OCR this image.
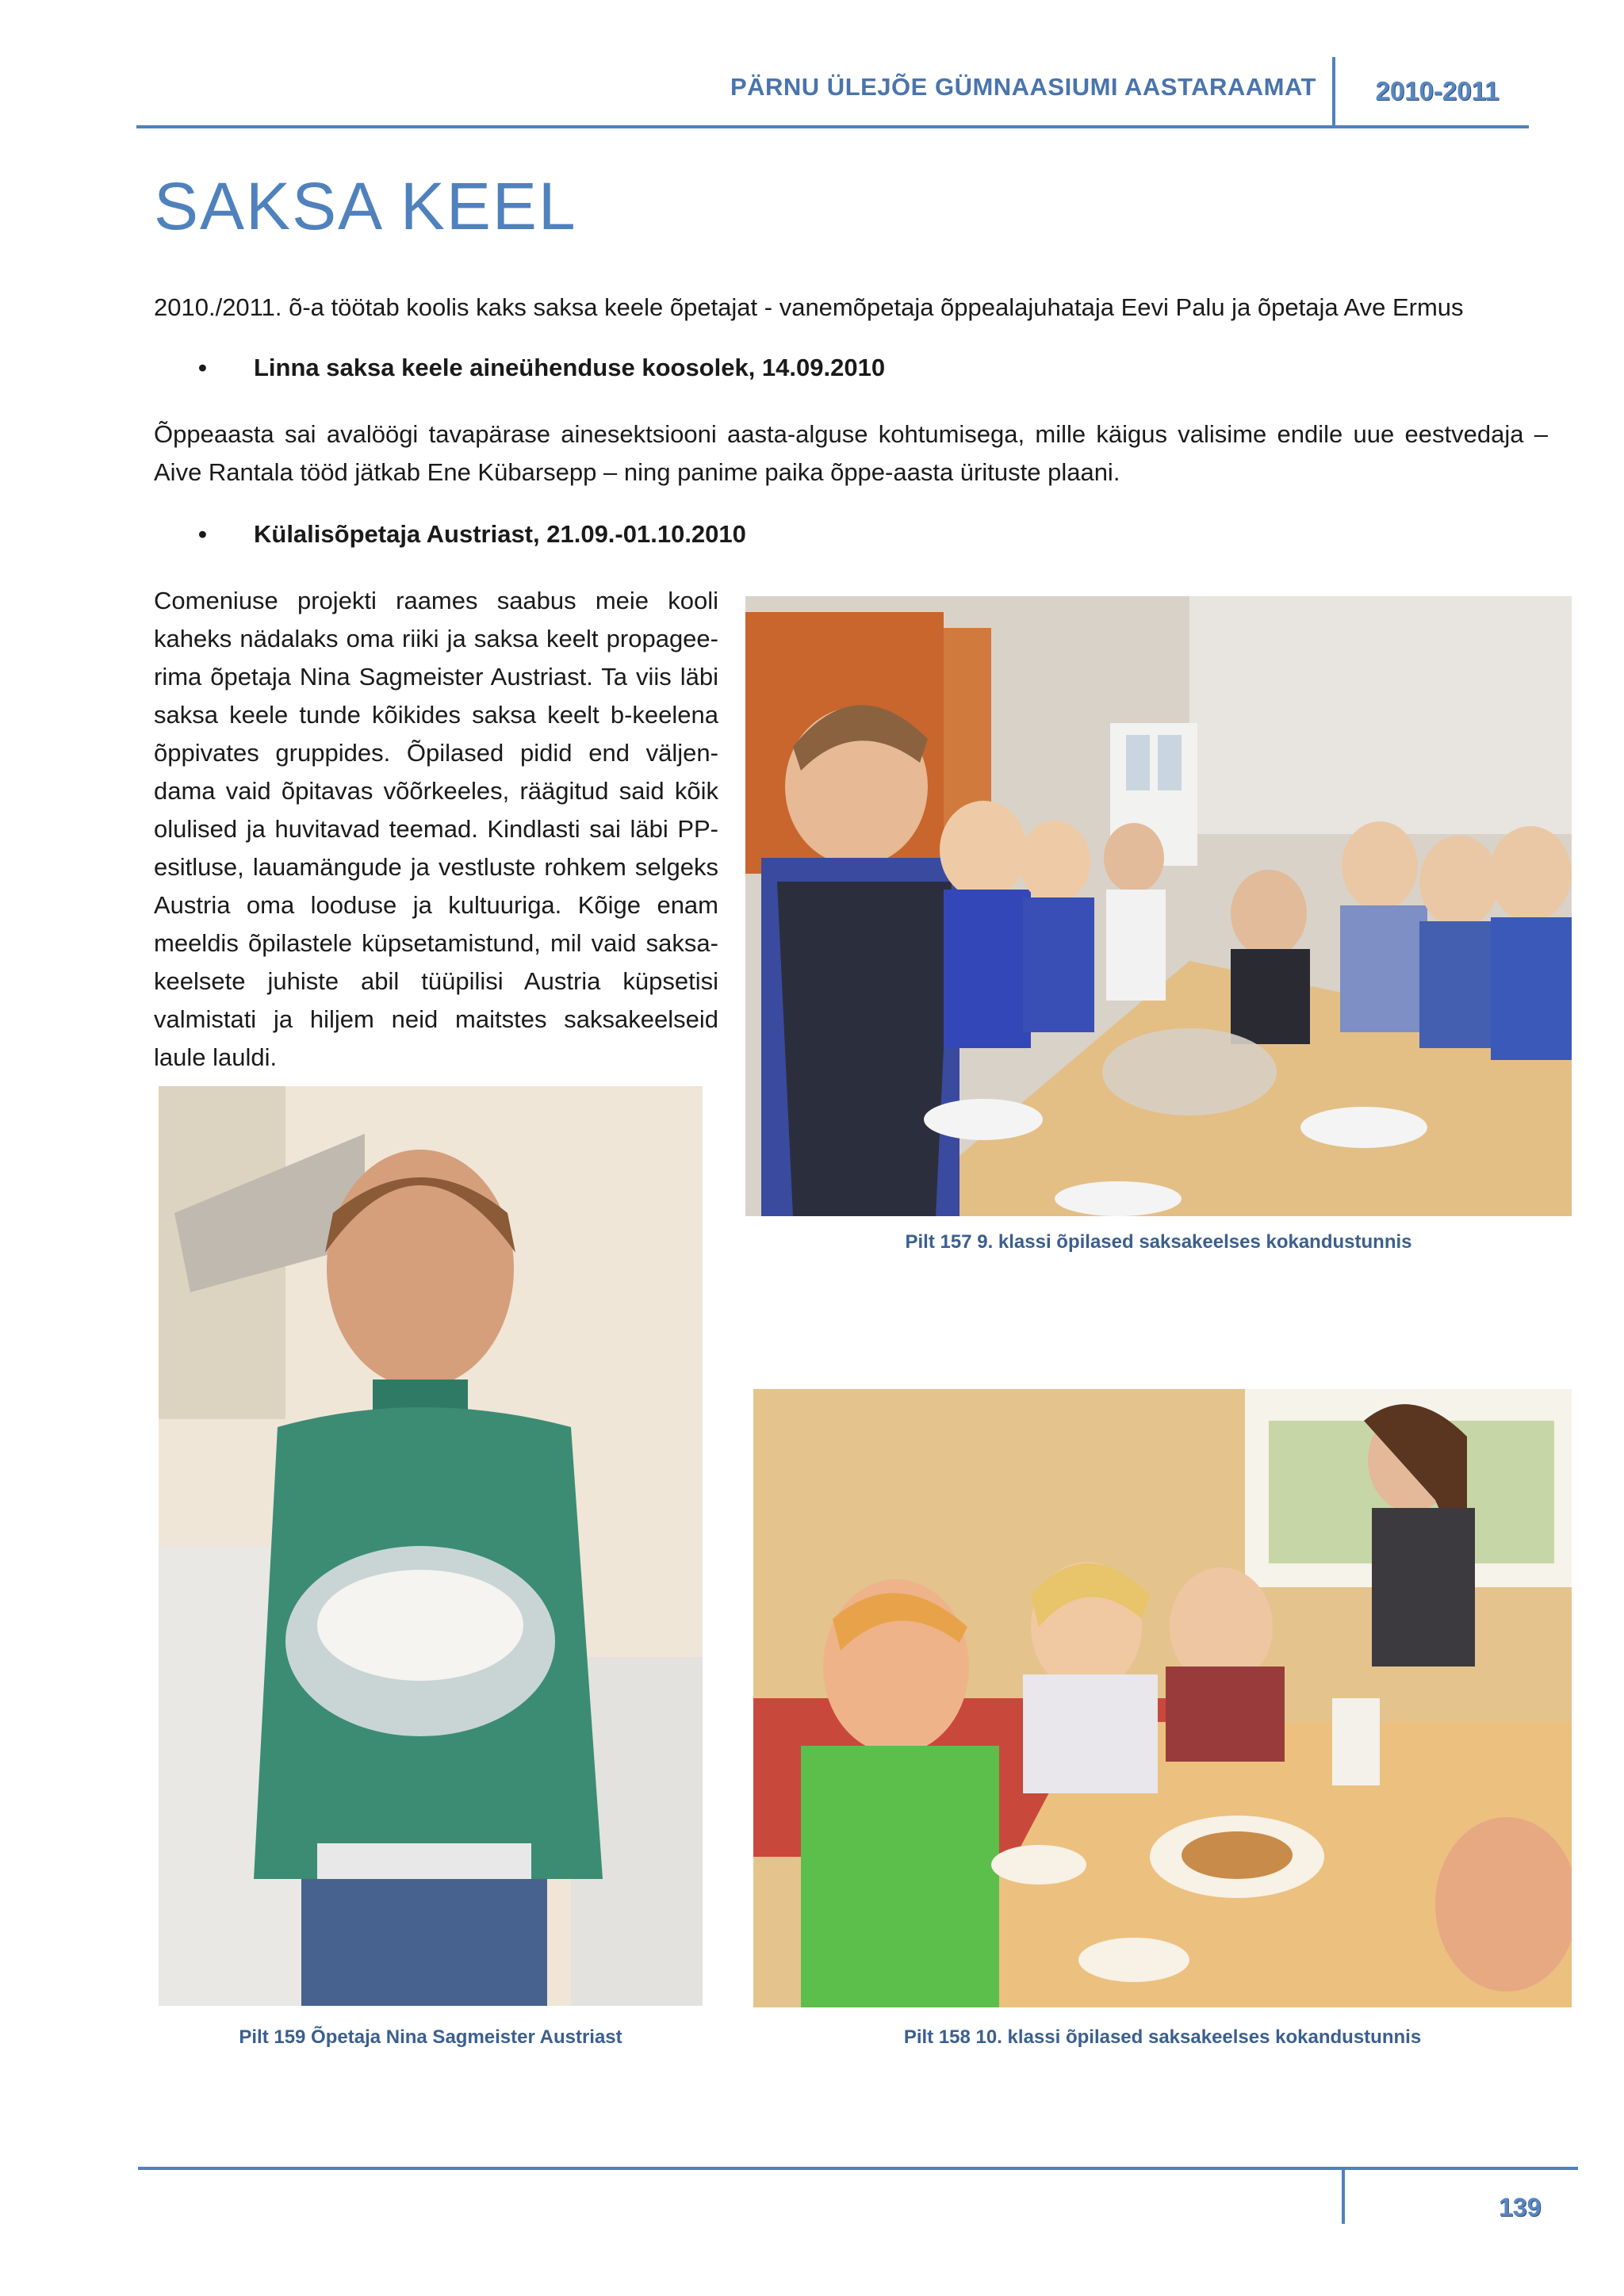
PÄRNU ÜLEJÕE GÜMNAASIUMI AASTARAAMAT	2010-2011
SAKSA KEEL
2010./2011. õ-a töötab koolis kaks saksa keele õpetajat - vanemõpetaja õppealajuhataja Eevi Palu ja õpetaja Ave Ermus
• Linna saksa keele aineühenduse koosolek, 14.09.2010
Õppeaasta sai avalöögi tavapärase ainesektsiooni aasta-alguse kohtumisega, mille käigus valisime endile uue eestvedaja – Aive Rantala tööd jätkab Ene Kübarsepp – ning panime paika õppe-aasta ürituste plaani.
• Külalisõpetaja Austriast, 21.09.-01.10.2010
Comeniuse projekti raames saabus meie kooli kaheks nädalaks oma riiki ja saksa keelt propagee-rima õpetaja Nina Sagmeister Austriast. Ta viis läbi saksa keele tunde kõikides saksa keelt b-keelena õppivates gruppides. Õpilased pidid end väljen-dama vaid õpitavas võõrkeeles, räägitud said kõik olulised ja huvitavad teemad. Kindlasti sai läbi PP-esitluse, lauamängude ja vestluste rohkem selgeks Austria oma looduse ja kultuuriga. Kõige enam meeldis õpilastele küpsetamistund, mil vaid saksa-keelsete juhiste abil tüüpilisi Austria küpsetisi valmistati ja hiljem neid maitstes saksakeelseid laule lauldi.
Pilt 157 9. klassi õpilased saksakeelses kokandustunnis
Pilt 159 Õpetaja Nina Sagmeister Austriast	Pilt 158 10. klassi õpilased saksakeelses kokandustunnis
139
